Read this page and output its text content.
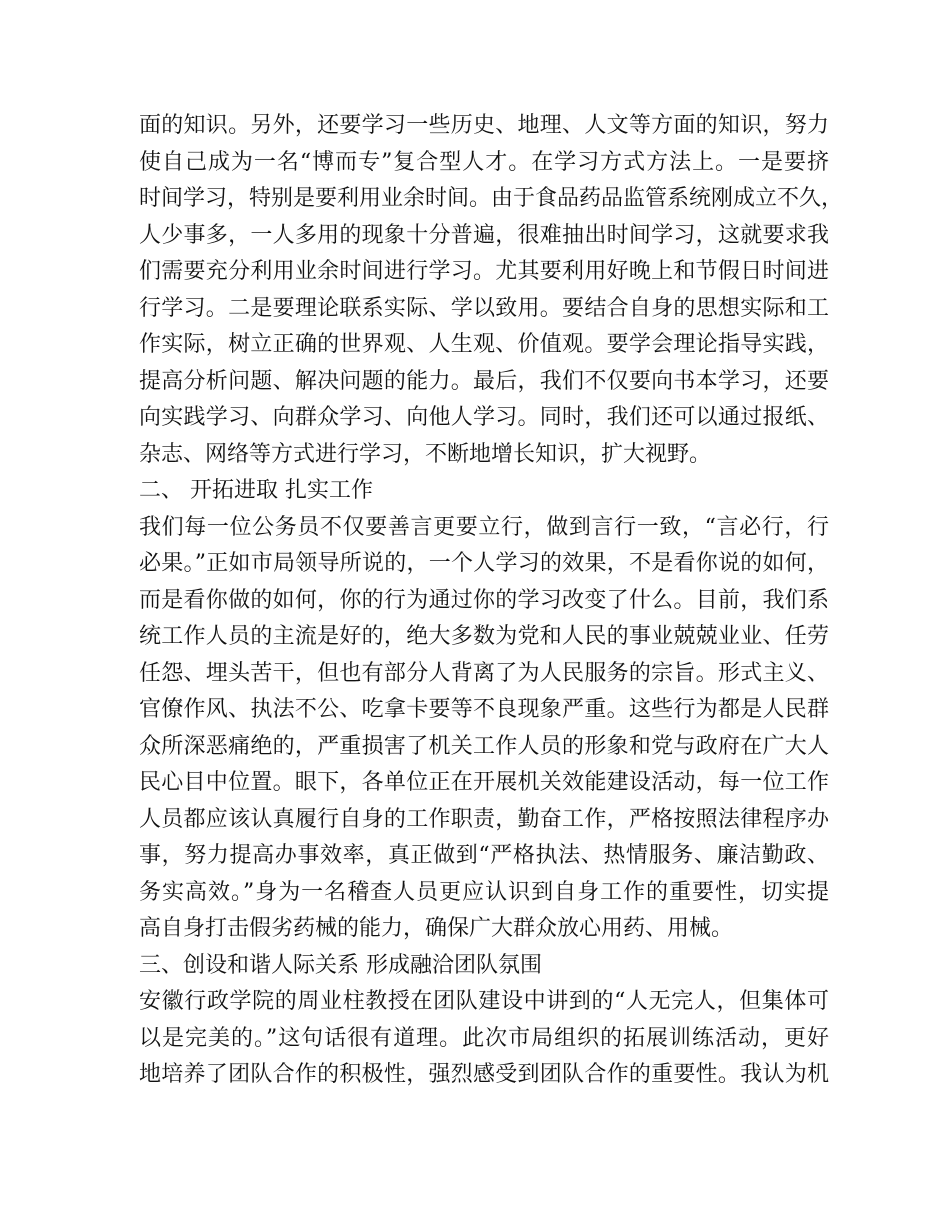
面的知识。另外，还要学习一些历史、地理、人文等方面的知识，努力
使自己成为一名“博而专”复合型人才。在学习方式方法上。一是要挤
时间学习，特别是要利用业余时间。由于食品药品监管系统刚成立不久，
人少事多，一人多用的现象十分普遍，很难抽出时间学习，这就要求我
们需要充分利用业余时间进行学习。尤其要利用好晚上和节假日时间进
行学习。二是要理论联系实际、学以致用。要结合自身的思想实际和工
作实际，树立正确的世界观、人生观、价值观。要学会理论指导实践，
提高分析问题、解决问题的能力。最后，我们不仅要向书本学习，还要
向实践学习、向群众学习、向他人学习。同时，我们还可以通过报纸、
杂志、网络等方式进行学习，不断地增长知识，扩大视野。
二、 开拓进取 扎实工作
我们每一位公务员不仅要善言更要立行，做到言行一致，“言必行，行
必果。”正如市局领导所说的，一个人学习的效果，不是看你说的如何，
而是看你做的如何，你的行为通过你的学习改变了什么。目前，我们系
统工作人员的主流是好的，绝大多数为党和人民的事业兢兢业业、任劳
任怨、埋头苦干，但也有部分人背离了为人民服务的宗旨。形式主义、
官僚作风、执法不公、吃拿卡要等不良现象严重。这些行为都是人民群
众所深恶痛绝的，严重损害了机关工作人员的形象和党与政府在广大人
民心目中位置。眼下，各单位正在开展机关效能建设活动，每一位工作
人员都应该认真履行自身的工作职责，勤奋工作，严格按照法律程序办
事，努力提高办事效率，真正做到“严格执法、热情服务、廉洁勤政、
务实高效。”身为一名稽查人员更应认识到自身工作的重要性，切实提
高自身打击假劣药械的能力，确保广大群众放心用药、用械。
三、创设和谐人际关系 形成融洽团队氛围
安徽行政学院的周业柱教授在团队建设中讲到的“人无完人，但集体可
以是完美的。”这句话很有道理。此次市局组织的拓展训练活动，更好
地培养了团队合作的积极性，强烈感受到团队合作的重要性。我认为机
